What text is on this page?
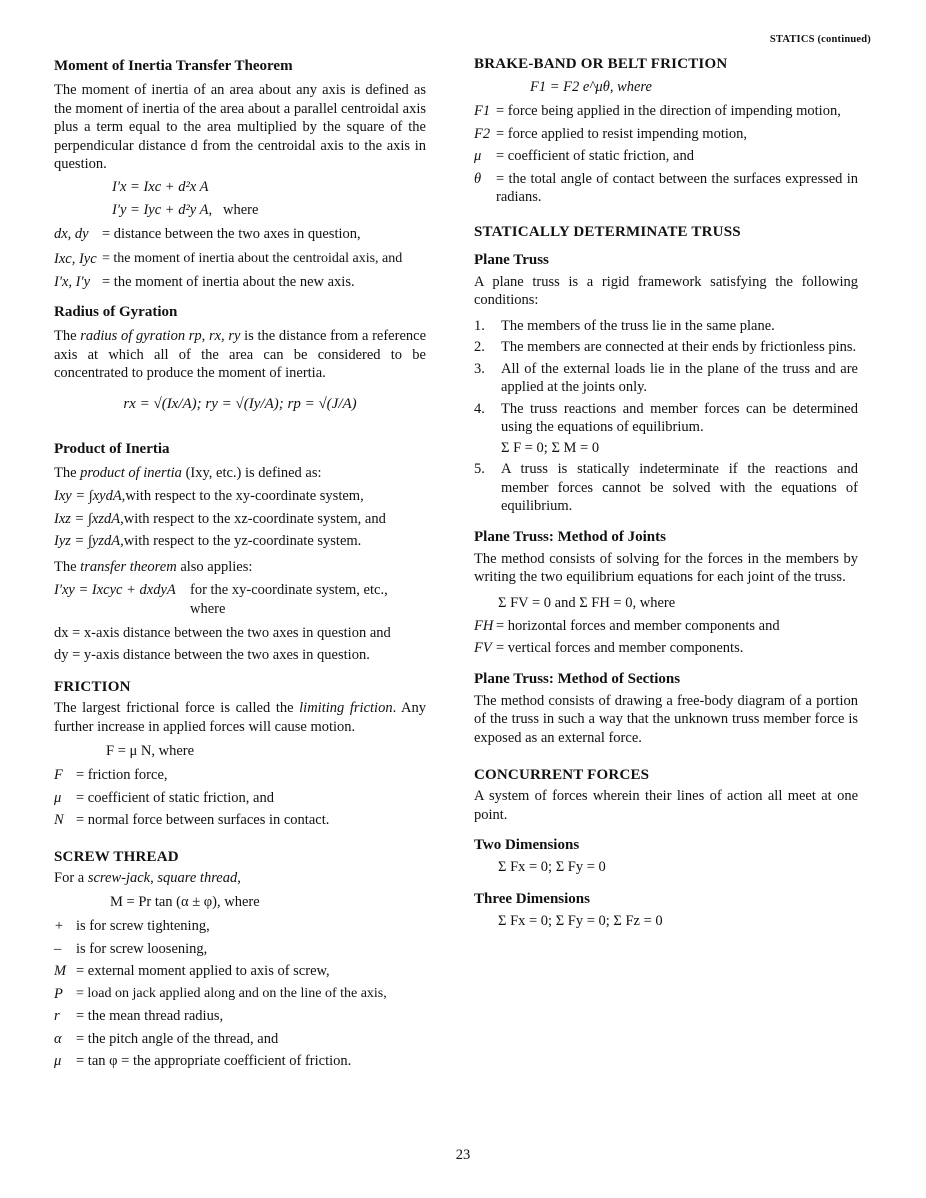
STATICS (continued)
Moment of Inertia Transfer Theorem

The moment of inertia of an area about any axis is defined as the moment of inertia of the area about a parallel centroidal axis plus a term equal to the area multiplied by the square of the perpendicular distance d from the centroidal axis to the axis in question.

I′x = Ixc + d²x A
I′y = Iyc + d²y A, where
dx, dy = distance between the two axes in question,
Ixc, Iyc = the moment of inertia about the centroidal axis, and
I′x, I′y = the moment of inertia about the new axis.
Radius of Gyration

The radius of gyration rp, rx, ry is the distance from a reference axis at which all of the area can be considered to be concentrated to produce the moment of inertia.

rx = √(Ix/A); ry = √(Iy/A); rp = √(J/A)
Product of Inertia

The product of inertia (Ixy, etc.) is defined as:

Ixy = ∫xydA, with respect to the xy-coordinate system,
Ixz = ∫xzdA, with respect to the xz-coordinate system, and
Iyz = ∫yzdA, with respect to the yz-coordinate system.

The transfer theorem also applies:

I′xy = Ixcyc + dxdyA for the xy-coordinate system, etc., where

dx = x-axis distance between the two axes in question and

dy = y-axis distance between the two axes in question.

FRICTION

The largest frictional force is called the limiting friction. Any further increase in applied forces will cause motion.

F = μ N, where
F = friction force,
μ	= coefficient of static friction, and
N = normal force between surfaces in contact.
SCREW THREAD

For a screw-jack, square thread,

M = Pr tan (α ± φ), where
+ is for screw tightening,
–	is for screw loosening,
M = external moment applied to axis of screw,
P = load on jack applied along and on the line of the axis,
r	= the mean thread radius,
α = the pitch angle of the thread, and
μ	= tan φ = the appropriate coefficient of friction.
BRAKE-BAND OR BELT FRICTION
F1 = F2 e^μθ, where
F1 = force being applied in the direction of impending motion,
F2 = force applied to resist impending motion,
μ	= coefficient of static friction, and
θ	= the total angle of contact between the surfaces expressed in radians.
STATICALLY DETERMINATE TRUSS
Plane Truss

A plane truss is a rigid framework satisfying the following conditions:

1.	The members of the truss lie in the same plane.
2.	The members are connected at their ends by frictionless pins.
3.	All of the external loads lie in the plane of the truss and are applied at the joints only.
4.	The truss reactions and member forces can be determined using the equations of equilibrium.
Σ F = 0; Σ M = 0
5.	A truss is statically indeterminate if the reactions and member forces cannot be solved with the equations of equilibrium.
Plane Truss: Method of Joints

The method consists of solving for the forces in the members by writing the two equilibrium equations for each joint of the truss.

Σ FV = 0 and Σ FH = 0, where
FH = horizontal forces and member components and
FV = vertical forces and member components.
Plane Truss: Method of Sections

The method consists of drawing a free-body diagram of a portion of the truss in such a way that the unknown truss member force is exposed as an external force.

CONCURRENT FORCES

A system of forces wherein their lines of action all meet at one point.

Two Dimensions
Σ Fx = 0; Σ Fy = 0
Three Dimensions
Σ Fx = 0; Σ Fy = 0; Σ Fz = 0
23
